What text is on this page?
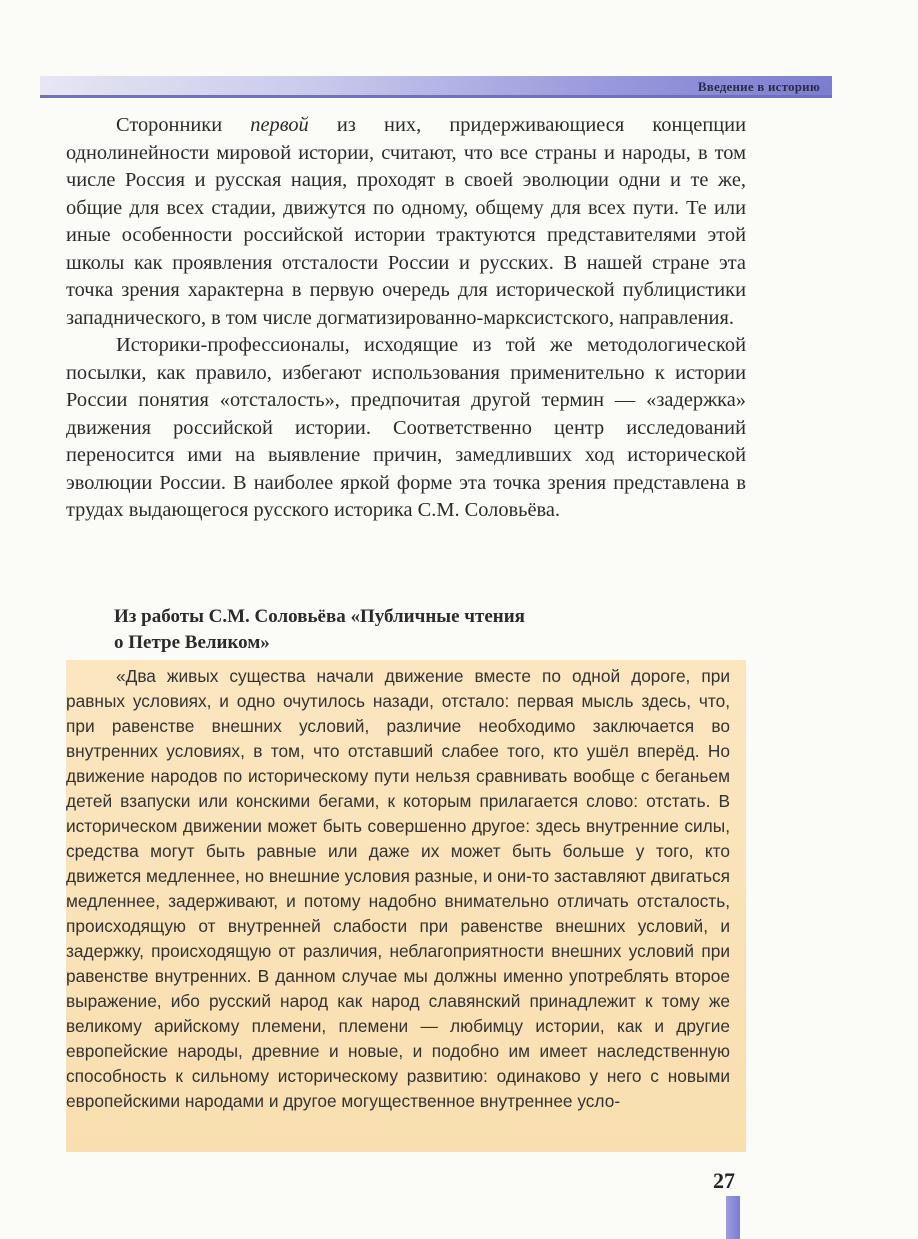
Введение в историю

Сторонники первой из них, придерживающиеся концепции однолинейности мировой истории, считают, что все страны и народы, в том числе Россия и русская нация, проходят в своей эволюции одни и те же, общие для всех стадии, движутся по одному, общему для всех пути. Те или иные особенности российской истории трактуются представителями этой школы как проявления отсталости России и русских. В нашей стране эта точка зрения характерна в первую очередь для исторической публицистики западнического, в том числе догматизированно-марксистского, направления.

Историки-профессионалы, исходящие из той же методологической посылки, как правило, избегают использования применительно к истории России понятия «отсталость», предпочитая другой термин — «задержка» движения российской истории. Соответственно центр исследований переносится ими на выявление причин, замедливших ход исторической эволюции России. В наиболее яркой форме эта точка зрения представлена в трудах выдающегося русского историка С.М. Соловьёва.

Из работы С.М. Соловьёва «Публичные чтения
о Петре Великом»

«Два живых существа начали движение вместе по одной дороге, при равных условиях, и одно очутилось назади, отстало: первая мысль здесь, что, при равенстве внешних условий, различие необходимо заключается во внутренних условиях, в том, что отставший слабее того, кто ушёл вперёд. Но движение народов по историческому пути нельзя сравнивать вообще с беганьем детей взапуски или конскими бегами, к которым прилагается слово: отстать. В историческом движении может быть совершенно другое: здесь внутренние силы, средства могут быть равные или даже их может быть больше у того, кто движется медленнее, но внешние условия разные, и они-то заставляют двигаться медленнее, задерживают, и потому надобно внимательно отличать отсталость, происходящую от внутренней слабости при равенстве внешних условий, и задержку, происходящую от различия, неблагоприятности внешних условий при равенстве внутренних. В данном случае мы должны именно употреблять второе выражение, ибо русский народ как народ славянский принадлежит к тому же великому арийскому племени, племени — любимцу истории, как и другие европейские народы, древние и новые, и подобно им имеет наследственную способность к сильному историческому развитию: одинаково у него с новыми европейскими народами и другое могущественное внутреннее усло-

27
